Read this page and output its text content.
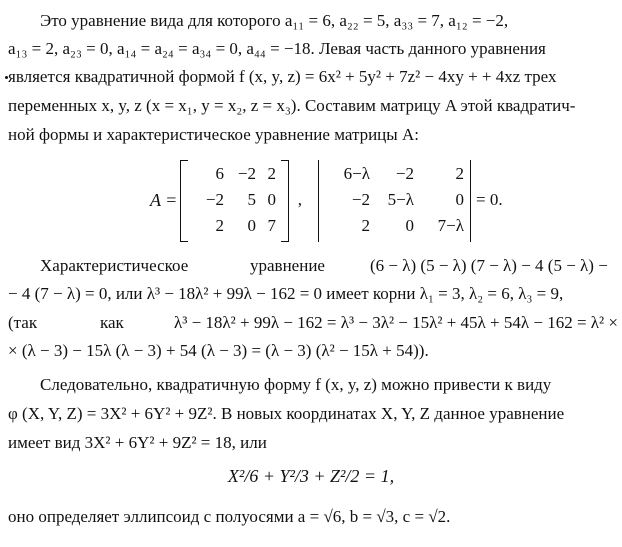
Это уравнение вида для которого a₁₁ = 6, a₂₂ = 5, a₃₃ = 7, a₁₂ = −2,
a₁₃ = 2, a₂₃ = 0, a₁₄ = a₂₄ = a₃₄ = 0, a₄₄ = −18. Левая часть данного уравнения
является квадратичной формой f (x, y, z) = 6x² + 5y² + 7z² − 4xy + + 4xz трех
переменных x, y, z (x = x₁, y = x₂, z = x₃). Составим матрицу A этой квадратич-
ной формы и характеристическое уравнение матрицы A:
A =
6 −2 2
−2	5 0
2	0 7
,
6−λ	−2	2
−2	5−λ	0
2	0	7−λ
= 0.
Характеристическое	уравнение	(6 − λ) (5 − λ) (7 − λ) − 4 (5 − λ) −
− 4 (7 − λ) = 0, или λ³ − 18λ² + 99λ − 162 = 0 имеет корни λ₁ = 3, λ₂ = 6, λ₃ = 9,
(так	как	λ³ − 18λ² + 99λ − 162 = λ³ − 3λ² − 15λ² + 45λ + 54λ − 162 = λ² ×
× (λ − 3) − 15λ (λ − 3) + 54 (λ − 3) = (λ − 3) (λ² − 15λ + 54)).
Следовательно, квадратичную форму f (x, y, z) можно привести к виду
φ (X, Y, Z) = 3X² + 6Y² + 9Z². В новых координатах X, Y, Z данное уравнение
имеет вид 3X² + 6Y² + 9Z² = 18, или
X²/6 + Y²/3 + Z²/2 = 1,
оно определяет эллипсоид с полуосями a = √6, b = √3, c = √2.
